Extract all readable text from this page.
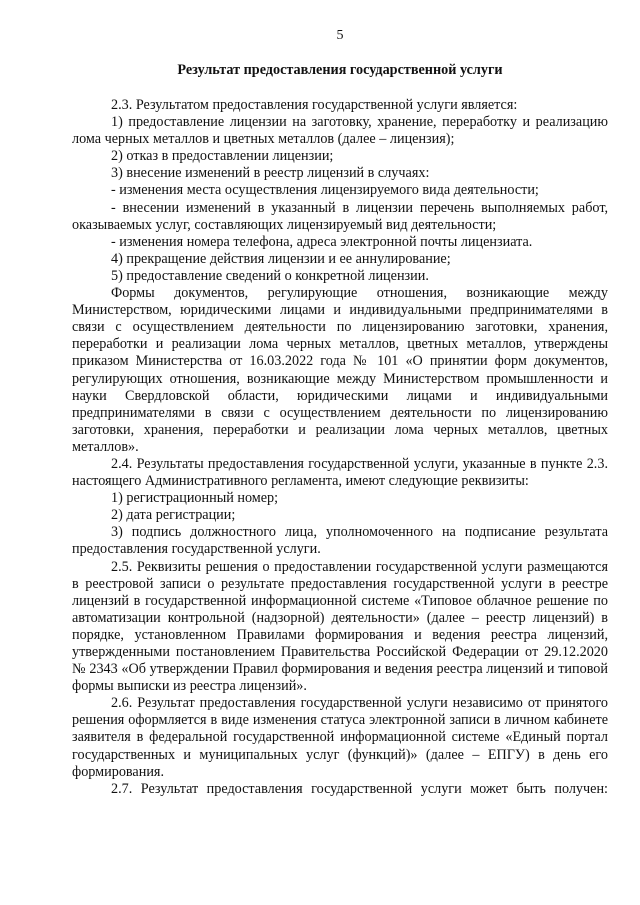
5
Результат предоставления государственной услуги

2.3. Результатом предоставления государственной услуги является:

1) предоставление лицензии на заготовку, хранение, переработку и реализацию лома черных металлов и цветных металлов (далее – лицензия);

2) отказ в предоставлении лицензии;

3) внесение изменений в реестр лицензий в случаях:

- изменения места осуществления лицензируемого вида деятельности;

- внесении изменений в указанный в лицензии перечень выполняемых работ, оказываемых услуг, составляющих лицензируемый вид деятельности;

- изменения номера телефона, адреса электронной почты лицензиата.

4) прекращение действия лицензии и ее аннулирование;

5) предоставление сведений о конкретной лицензии.

Формы документов, регулирующие отношения, возникающие между Министерством, юридическими лицами и индивидуальными предпринимателями в связи с осуществлением деятельности по лицензированию заготовки, хранения, переработки и реализации лома черных металлов, цветных металлов, утверждены приказом Министерства от 16.03.2022 года № 101 «О принятии форм документов, регулирующих отношения, возникающие между Министерством промышленности и науки Свердловской области, юридическими лицами и индивидуальными предпринимателями в связи с осуществлением деятельности по лицензированию заготовки, хранения, переработки и реализации лома черных металлов, цветных металлов».

2.4. Результаты предоставления государственной услуги, указанные в пункте 2.3. настоящего Административного регламента, имеют следующие реквизиты:

1) регистрационный номер;

2) дата регистрации;

3) подпись должностного лица, уполномоченного на подписание результата предоставления государственной услуги.

2.5. Реквизиты решения о предоставлении государственной услуги размещаются в реестровой записи о результате предоставления государственной услуги в реестре лицензий в государственной информационной системе «Типовое облачное решение по автоматизации контрольной (надзорной) деятельности» (далее – реестр лицензий) в порядке, установленном Правилами формирования и ведения реестра лицензий, утвержденными постановлением Правительства Российской Федерации от 29.12.2020 № 2343 «Об утверждении Правил формирования и ведения реестра лицензий и типовой формы выписки из реестра лицензий».

2.6. Результат предоставления государственной услуги независимо от принятого решения оформляется в виде изменения статуса электронной записи в личном кабинете заявителя в федеральной государственной информационной системе «Единый портал государственных и муниципальных услуг (функций)» (далее – ЕПГУ) в день его формирования.

2.7. Результат предоставления государственной услуги может быть получен:
